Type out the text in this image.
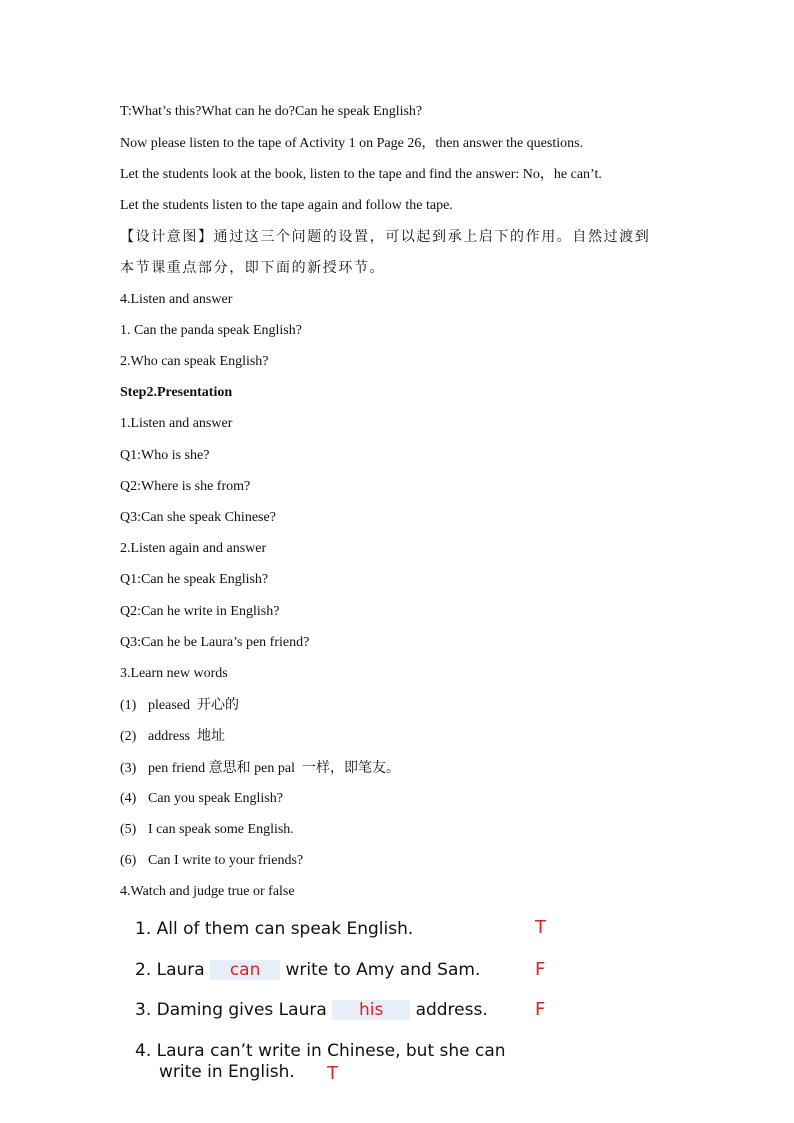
T:What’s this?What can he do?Can he speak English?
Now please listen to the tape of Activity 1 on Page 26，then answer the questions.
Let the students look at the book, listen to the tape and find the answer: No，he can’t.
Let the students listen to the tape again and follow the tape.
【设计意图】通过这三个问题的设置，可以起到承上启下的作用。自然过渡到
本节课重点部分，即下面的新授环节。
4.Listen and answer
1. Can the panda speak English?
2.Who can speak English?
Step2.Presentation
1.Listen and answer
Q1:Who is she?
Q2:Where is she from?
Q3:Can she speak Chinese?
2.Listen again and answer
Q1:Can he speak English?
Q2:Can he write in English?
Q3:Can he be Laura’s pen friend?
3.Learn new words
(1) pleased 开心的
(2) address 地址
(3) pen friend 意思和 pen pal 一样，即笔友。
(4) Can you speak English?
(5) I can speak some English.
(6) Can I write to your friends?
4.Watch and judge true or false
1. All of them can speak English.	T
2. Laura can write to Amy and Sam.	F
3. Daming gives Laura his address.	F
4. Laura can’t write in Chinese, but she can
write in English. T
